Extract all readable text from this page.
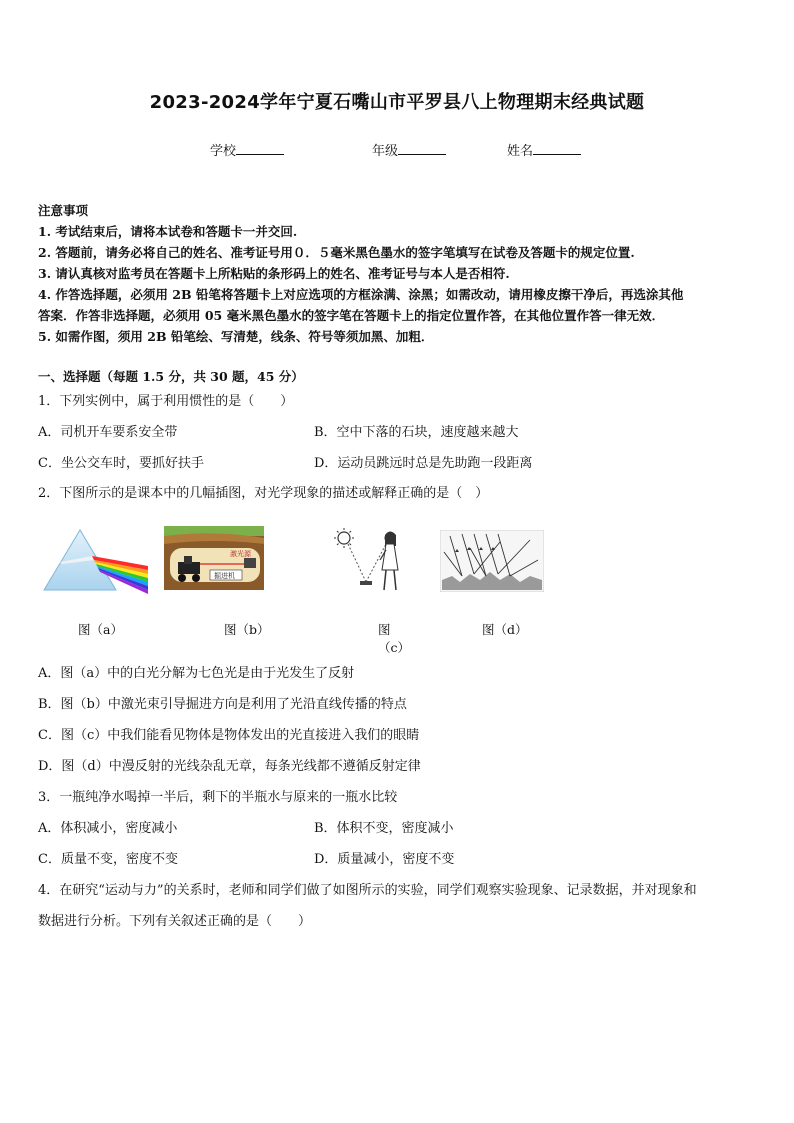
2023-2024学年宁夏石嘴山市平罗县八上物理期末经典试题
学校	年级	姓名
注意事项
1. 考试结束后，请将本试卷和答题卡一并交回.
2. 答题前，请务必将自己的姓名、准考证号用０．５毫米黑色墨水的签字笔填写在试卷及答题卡的规定位置.
3. 请认真核对监考员在答题卡上所粘贴的条形码上的姓名、准考证号与本人是否相符.
4. 作答选择题，必须用 2B 铅笔将答题卡上对应选项的方框涂满、涂黑；如需改动，请用橡皮擦干净后，再选涂其他
答案．作答非选择题，必须用 05 毫米黑色墨水的签字笔在答题卡上的指定位置作答，在其他位置作答一律无效．
5. 如需作图，须用 2B 铅笔绘、写清楚，线条、符号等须加黑、加粗．
一、选择题（每题 1.5 分，共 30 题，45 分）
1．下列实例中，属于利用惯性的是（　　）
A．司机开车要系安全带	B．空中下落的石块，速度越来越大
C．坐公交车时，要抓好扶手	D．运动员跳远时总是先助跑一段距离
2．下图所示的是课本中的几幅插图，对光学现象的描述或解释正确的是（　）
图（a）
激光源
掘进机
图（b）	图（c）
图（d）
A．图（a）中的白光分解为七色光是由于光发生了反射
B．图（b）中激光束引导掘进方向是利用了光沿直线传播的特点
C．图（c）中我们能看见物体是物体发出的光直接进入我们的眼睛
D．图（d）中漫反射的光线杂乱无章，每条光线都不遵循反射定律
3．一瓶纯净水喝掉一半后，剩下的半瓶水与原来的一瓶水比较
A．体积减小，密度减小	B．体积不变，密度减小
C．质量不变，密度不变	D．质量减小，密度不变
4．在研究“运动与力”的关系时，老师和同学们做了如图所示的实验，同学们观察实验现象、记录数据，并对现象和
数据进行分析。下列有关叙述正确的是（　　）
